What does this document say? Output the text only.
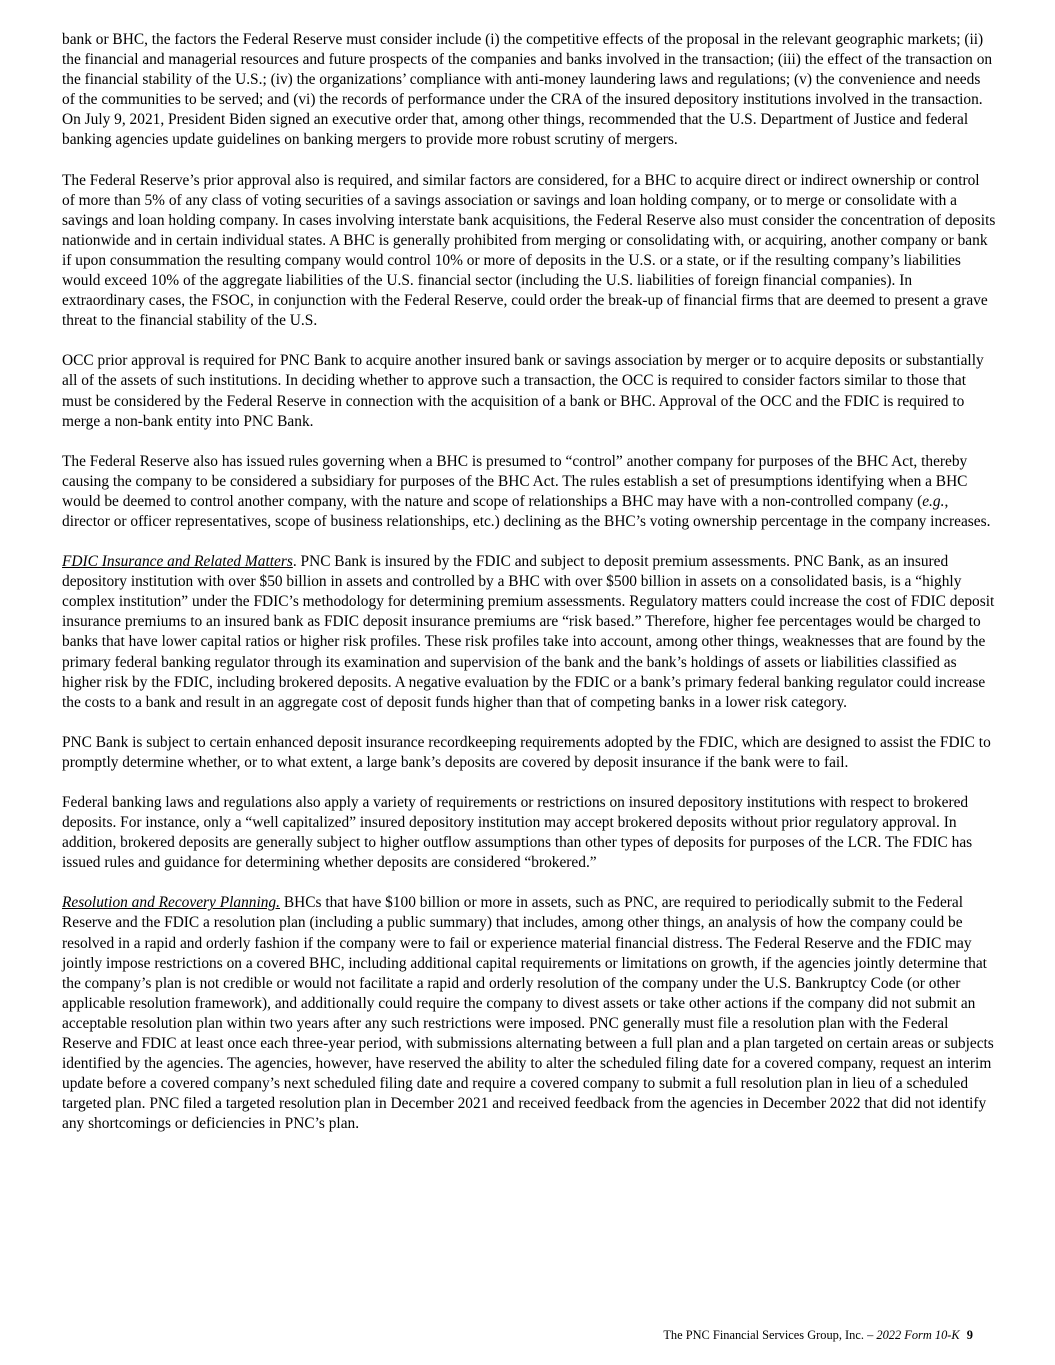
bank or BHC, the factors the Federal Reserve must consider include (i) the competitive effects of the proposal in the relevant geographic markets; (ii) the financial and managerial resources and future prospects of the companies and banks involved in the transaction; (iii) the effect of the transaction on the financial stability of the U.S.; (iv) the organizations’ compliance with anti-money laundering laws and regulations; (v) the convenience and needs of the communities to be served; and (vi) the records of performance under the CRA of the insured depository institutions involved in the transaction. On July 9, 2021, President Biden signed an executive order that, among other things, recommended that the U.S. Department of Justice and federal banking agencies update guidelines on banking mergers to provide more robust scrutiny of mergers.

The Federal Reserve’s prior approval also is required, and similar factors are considered, for a BHC to acquire direct or indirect ownership or control of more than 5% of any class of voting securities of a savings association or savings and loan holding company, or to merge or consolidate with a savings and loan holding company. In cases involving interstate bank acquisitions, the Federal Reserve also must consider the concentration of deposits nationwide and in certain individual states. A BHC is generally prohibited from merging or consolidating with, or acquiring, another company or bank if upon consummation the resulting company would control 10% or more of deposits in the U.S. or a state, or if the resulting company’s liabilities would exceed 10% of the aggregate liabilities of the U.S. financial sector (including the U.S. liabilities of foreign financial companies). In extraordinary cases, the FSOC, in conjunction with the Federal Reserve, could order the break-up of financial firms that are deemed to present a grave threat to the financial stability of the U.S.

OCC prior approval is required for PNC Bank to acquire another insured bank or savings association by merger or to acquire deposits or substantially all of the assets of such institutions. In deciding whether to approve such a transaction, the OCC is required to consider factors similar to those that must be considered by the Federal Reserve in connection with the acquisition of a bank or BHC. Approval of the OCC and the FDIC is required to merge a non-bank entity into PNC Bank.

The Federal Reserve also has issued rules governing when a BHC is presumed to “control” another company for purposes of the BHC Act, thereby causing the company to be considered a subsidiary for purposes of the BHC Act. The rules establish a set of presumptions identifying when a BHC would be deemed to control another company, with the nature and scope of relationships a BHC may have with a non-controlled company (e.g., director or officer representatives, scope of business relationships, etc.) declining as the BHC’s voting ownership percentage in the company increases.

FDIC Insurance and Related Matters. PNC Bank is insured by the FDIC and subject to deposit premium assessments. PNC Bank, as an insured depository institution with over $50 billion in assets and controlled by a BHC with over $500 billion in assets on a consolidated basis, is a “highly complex institution” under the FDIC’s methodology for determining premium assessments. Regulatory matters could increase the cost of FDIC deposit insurance premiums to an insured bank as FDIC deposit insurance premiums are “risk based.” Therefore, higher fee percentages would be charged to banks that have lower capital ratios or higher risk profiles. These risk profiles take into account, among other things, weaknesses that are found by the primary federal banking regulator through its examination and supervision of the bank and the bank’s holdings of assets or liabilities classified as higher risk by the FDIC, including brokered deposits. A negative evaluation by the FDIC or a bank’s primary federal banking regulator could increase the costs to a bank and result in an aggregate cost of deposit funds higher than that of competing banks in a lower risk category.

PNC Bank is subject to certain enhanced deposit insurance recordkeeping requirements adopted by the FDIC, which are designed to assist the FDIC to promptly determine whether, or to what extent, a large bank’s deposits are covered by deposit insurance if the bank were to fail.

Federal banking laws and regulations also apply a variety of requirements or restrictions on insured depository institutions with respect to brokered deposits. For instance, only a “well capitalized” insured depository institution may accept brokered deposits without prior regulatory approval. In addition, brokered deposits are generally subject to higher outflow assumptions than other types of deposits for purposes of the LCR. The FDIC has issued rules and guidance for determining whether deposits are considered “brokered.”

Resolution and Recovery Planning. BHCs that have $100 billion or more in assets, such as PNC, are required to periodically submit to the Federal Reserve and the FDIC a resolution plan (including a public summary) that includes, among other things, an analysis of how the company could be resolved in a rapid and orderly fashion if the company were to fail or experience material financial distress. The Federal Reserve and the FDIC may jointly impose restrictions on a covered BHC, including additional capital requirements or limitations on growth, if the agencies jointly determine that the company’s plan is not credible or would not facilitate a rapid and orderly resolution of the company under the U.S. Bankruptcy Code (or other applicable resolution framework), and additionally could require the company to divest assets or take other actions if the company did not submit an acceptable resolution plan within two years after any such restrictions were imposed. PNC generally must file a resolution plan with the Federal Reserve and FDIC at least once each three-year period, with submissions alternating between a full plan and a plan targeted on certain areas or subjects identified by the agencies. The agencies, however, have reserved the ability to alter the scheduled filing date for a covered company, request an interim update before a covered company’s next scheduled filing date and require a covered company to submit a full resolution plan in lieu of a scheduled targeted plan. PNC filed a targeted resolution plan in December 2021 and received feedback from the agencies in December 2022 that did not identify any shortcomings or deficiencies in PNC’s plan.

The PNC Financial Services Group, Inc. – 2022 Form 10-K 9
